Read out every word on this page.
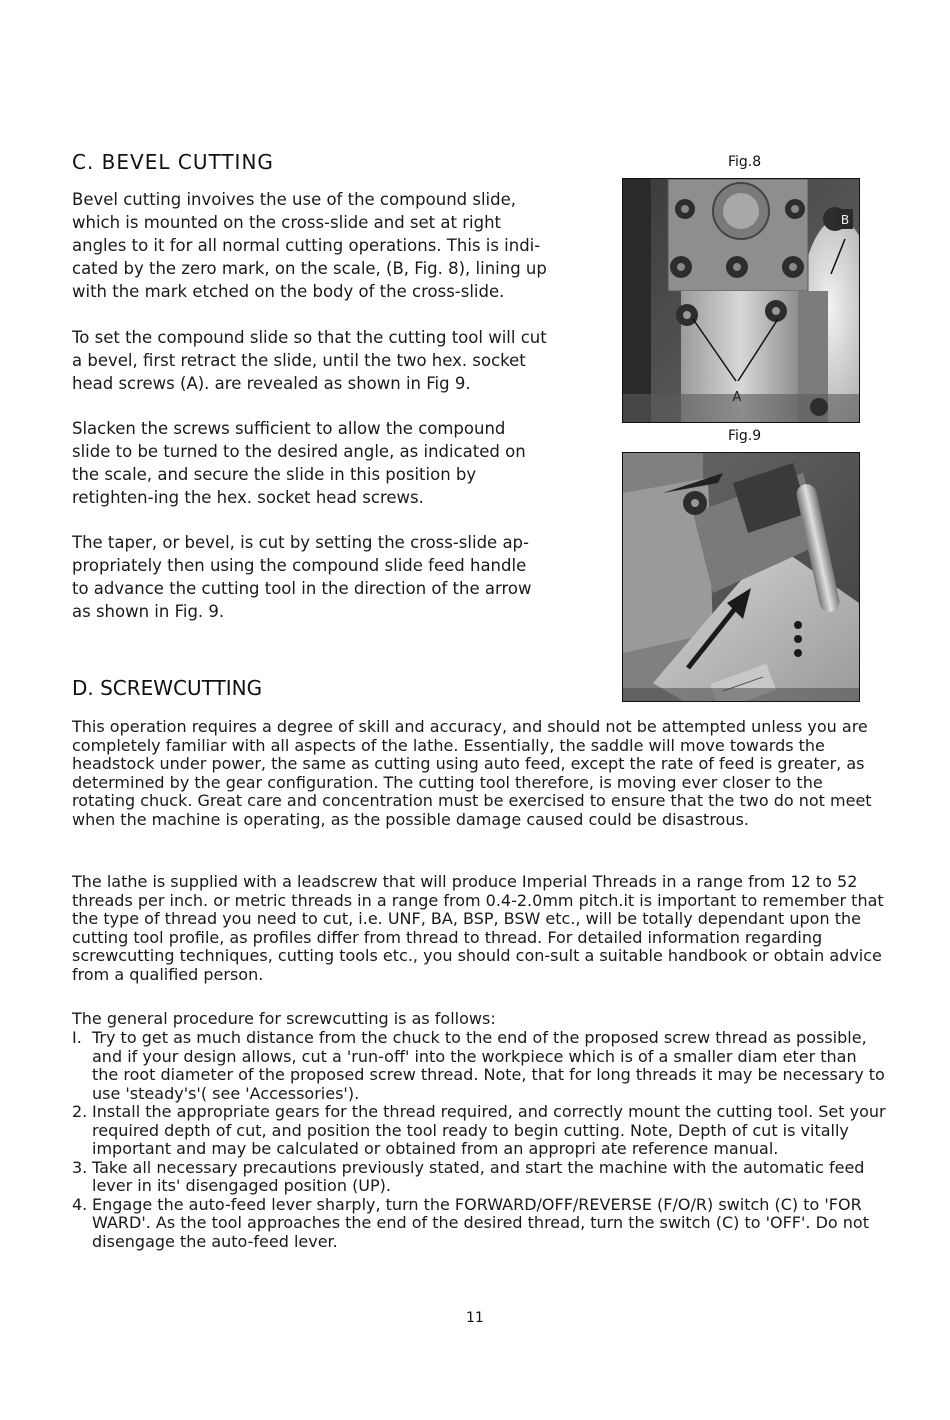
C. BEVEL CUTTING

Bevel cutting invoives the use of the compound slide, which is mounted on the cross-slide and set at right angles to it for all normal cutting operations. This is indi-cated by the zero mark, on the scale, (B, Fig. 8), lining up with the mark etched on the body of the cross-slide.

To set the compound slide so that the cutting tool will cut a bevel, first retract the slide, until the two hex. socket head screws (A). are revealed as shown in Fig 9.

Slacken the screws sufficient to allow the compound slide to be turned to the desired angle, as indicated on the scale, and secure the slide in this position by retighten-ing the hex. socket head screws.

The taper, or bevel, is cut by setting the cross-slide ap-propriately then using the compound slide feed handle to advance the cutting tool in the direction of the arrow as shown in Fig. 9.

Fig.8
B
A
Fig.9
D. SCREWCUTTING

This operation requires a degree of skill and accuracy, and should not be attempted unless you are completely familiar with all aspects of the lathe. Essentially, the saddle will move towards the headstock under power, the same as cutting using auto feed, except the rate of feed is greater, as determined by the gear configuration. The cutting tool therefore, is moving ever closer to the rotating chuck. Great care and concentration must be exercised to ensure that the two do not meet when the machine is operating, as the possible damage caused could be disastrous.

The lathe is supplied with a leadscrew that will produce Imperial Threads in a range from 12 to 52 threads per inch. or metric threads in a range from 0.4-2.0mm pitch.it is important to remember that the type of thread you need to cut, i.e. UNF, BA, BSP, BSW etc., will be totally dependant upon the cutting tool profile, as profiles differ from thread to thread. For detailed information regarding screwcutting techniques, cutting tools etc., you should con-sult a suitable handbook or obtain advice from a qualified person.

The general procedure for screwcutting is as follows:

I. Try to get as much distance from the chuck to the end of the proposed screw thread as possible, and if your design allows, cut a 'run-off' into the workpiece which is of a smaller diam eter than the root diameter of the proposed screw thread. Note, that for long threads it may be necessary to use 'steady's'( see 'Accessories').
2. Install the appropriate gears for the thread required, and correctly mount the cutting tool. Set your required depth of cut, and position the tool ready to begin cutting. Note, Depth of cut is vitally important and may be calculated or obtained from an appropri ate reference manual.
3. Take all necessary precautions previously stated, and start the machine with the automatic feed lever in its' disengaged position (UP).
4. Engage the auto-feed lever sharply, turn the FORWARD/OFF/REVERSE (F/O/R) switch (C) to 'FOR WARD'. As the tool approaches the end of the desired thread, turn the switch (C) to 'OFF'. Do not disengage the auto-feed lever.
11
